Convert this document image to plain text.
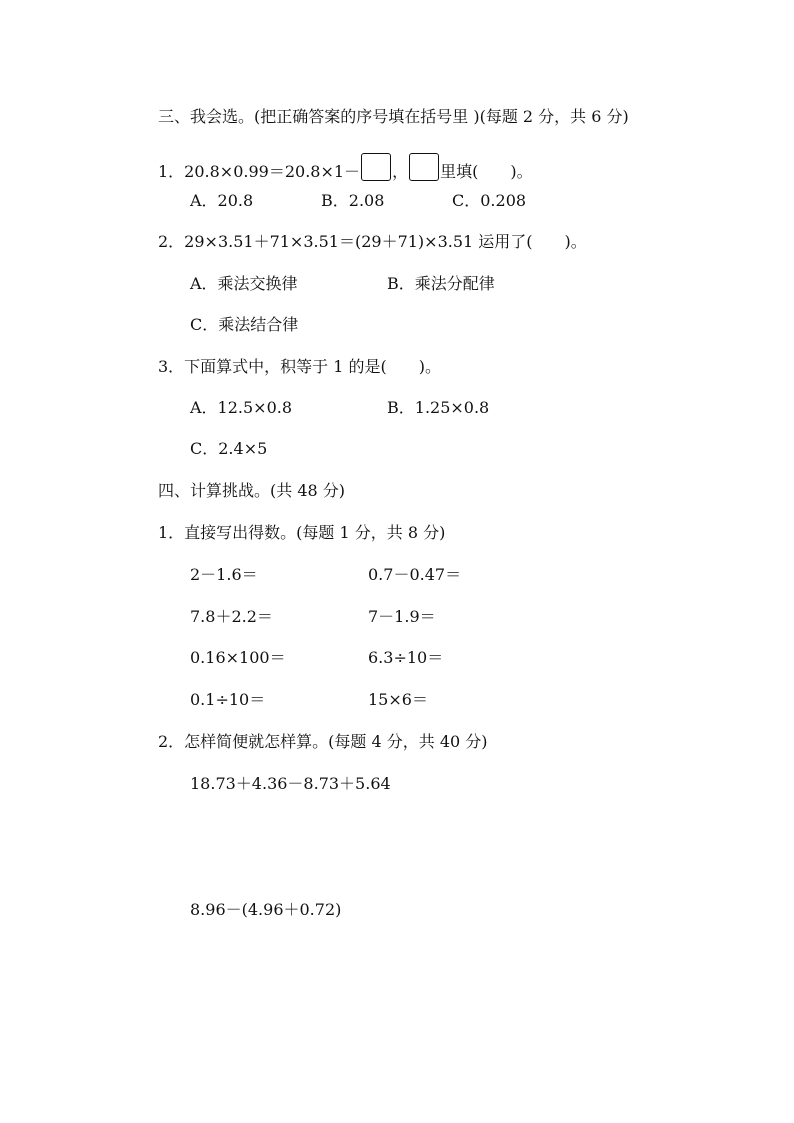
三、我会选。(把正确答案的序号填在括号里 )(每题 2 分，共 6 分)
1．20.8×0.99＝20.8×1－ ， 里填(　　)。
A．20.8	B．2.08	C．0.208
2．29×3.51＋71×3.51＝(29＋71)×3.51 运用了(　　)。
A．乘法交换律	B．乘法分配律
C．乘法结合律
3．下面算式中，积等于 1 的是(　　)。
A．12.5×0.8	B．1.25×0.8
C．2.4×5
四、计算挑战。(共 48 分)
1．直接写出得数。(每题 1 分，共 8 分)
2－1.6＝	0.7－0.47＝
7.8＋2.2＝	7－1.9＝
0.16×100＝	6.3÷10＝
0.1÷10＝	15×6＝
2．怎样简便就怎样算。(每题 4 分，共 40 分)
18.73＋4.36－8.73＋5.64
8.96－(4.96＋0.72)
